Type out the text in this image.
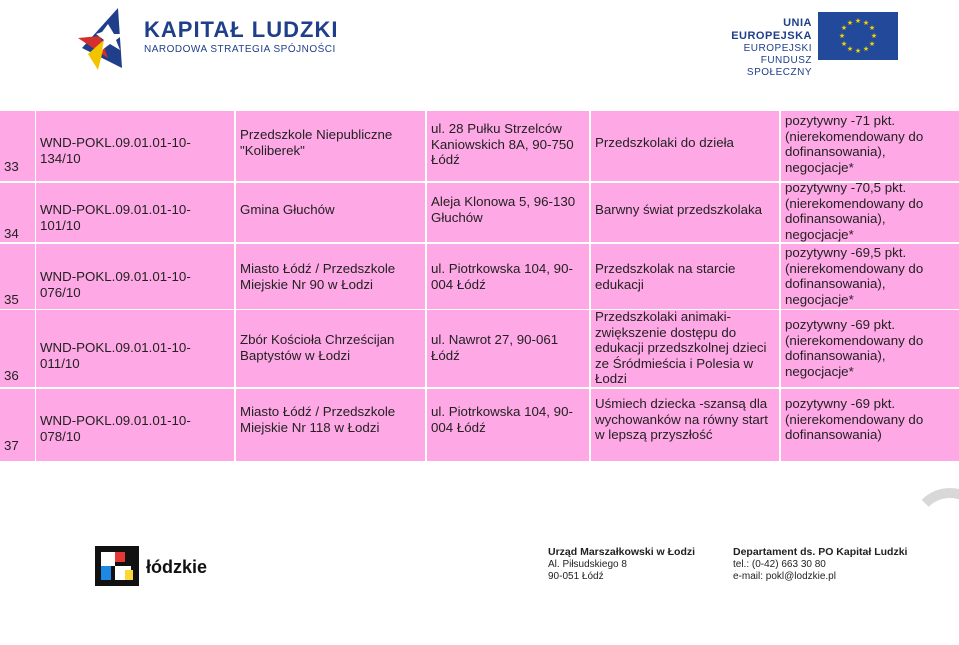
KAPITAŁ LUDZKI
NARODOWA STRATEGIA SPÓJNOŚCI
UNIA EUROPEJSKA
EUROPEJSKI
FUNDUSZ SPOŁECZNY
★ ★
★
★
★
★
★
★
★
★
★
★
33
WND-POKL.09.01.01-10-134/10
Przedszkole Niepubliczne "Koliberek"
ul. 28 Pułku Strzelców Kaniowskich 8A, 90-750 Łódź
Przedszkolaki do dzieła
pozytywny -71 pkt.(nierekomendowany do dofinansowania), negocjacje*
34
WND-POKL.09.01.01-10-101/10
Gmina Głuchów
Aleja Klonowa 5, 96-130 Głuchów	Barwny świat przedszkolaka
pozytywny -70,5 pkt.(nierekomendowany do dofinansowania), negocjacje*
35
WND-POKL.09.01.01-10-076/10
Miasto Łódź / Przedszkole Miejskie Nr 90 w Łodzi
ul. Piotrkowska 104, 90-004 Łódź
Przedszkolak na starcie edukacji
pozytywny -69,5 pkt.(nierekomendowany do dofinansowania), negocjacje*
36
WND-POKL.09.01.01-10-011/10
Zbór Kościoła Chrześcijan Baptystów w Łodzi
ul. Nawrot 27, 90-061 Łódź
Przedszkolaki animaki- zwiększenie dostępu do edukacji przedszkolnej dzieci ze Śródmieścia i Polesia w Łodzi
pozytywny -69 pkt.(nierekomendowany do dofinansowania), negocjacje*
37
WND-POKL.09.01.01-10-078/10
Miasto Łódź / Przedszkole Miejskie Nr 118 w Łodzi
ul. Piotrkowska 104, 90-004 Łódź
Uśmiech dziecka -szansą dla wychowanków na równy start w lepszą przyszłość
pozytywny -69 pkt.(nierekomendowany do dofinansowania)
łódzkie
Urząd Marszałkowski w Łodzi
Al. Piłsudskiego 8
90-051 Łódź
Departament ds. PO Kapitał Ludzki
tel.: (0-42) 663 30 80
e-mail: pokl@lodzkie.pl
